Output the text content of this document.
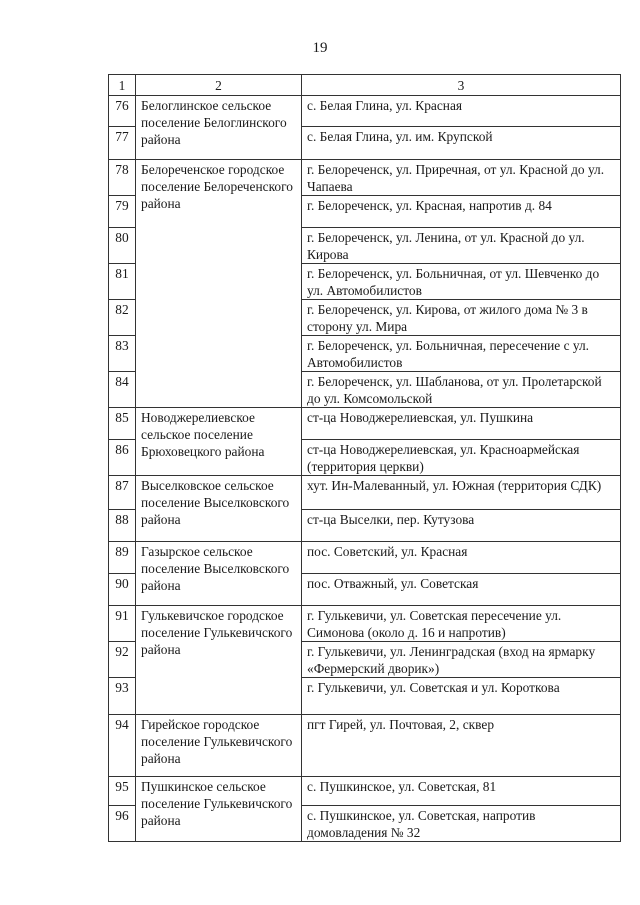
19
1	2	3
76	Белоглинское сельское поселение Белоглинского района	с. Белая Глина, ул. Красная
77		с. Белая Глина, ул. им. Крупской
78	Белореченское городское поселение Белореченского района	г. Белореченск, ул. Приречная, от ул. Красной до ул. Чапаева
79		г. Белореченск, ул. Красная, напротив д. 84
80		г. Белореченск, ул. Ленина, от ул. Красной до ул. Кирова
81		г. Белореченск, ул. Больничная, от ул. Шевченко до ул. Автомобилистов
82		г. Белореченск, ул. Кирова, от жилого дома № 3 в сторону ул. Мира
83		г. Белореченск, ул. Больничная, пересечение с ул. Автомобилистов
84		г. Белореченск, ул. Шабланова, от ул. Пролетарской до ул. Комсомольской
85	Новоджерелиевское сельское поселение Брюховецкого района	ст-ца Новоджерелиевская, ул. Пушкина
86		ст-ца Новоджерелиевская, ул. Красноармейская (территория церкви)
87	Выселковское сельское поселение Выселковского района	хут. Ин-Малеванный, ул. Южная (территория СДК)
88		ст-ца Выселки, пер. Кутузова
89	Газырское сельское поселение Выселковского района	пос. Советский, ул. Красная
90		пос. Отважный, ул. Советская
91	Гулькевичское городское поселение Гулькевичского района	г. Гулькевичи, ул. Советская пересечение ул. Симонова (около д. 16 и напротив)
92		г. Гулькевичи, ул. Ленинградская (вход на ярмарку «Фермерский дворик»)
93		г. Гулькевичи, ул. Советская и ул. Короткова
94	Гирейское городское поселение Гулькевичского района	пгт Гирей, ул. Почтовая, 2, сквер
95	Пушкинское сельское поселение Гулькевичского района	с. Пушкинское, ул. Советская, 81
96		с. Пушкинское, ул. Советская, напротив домовладения № 32
